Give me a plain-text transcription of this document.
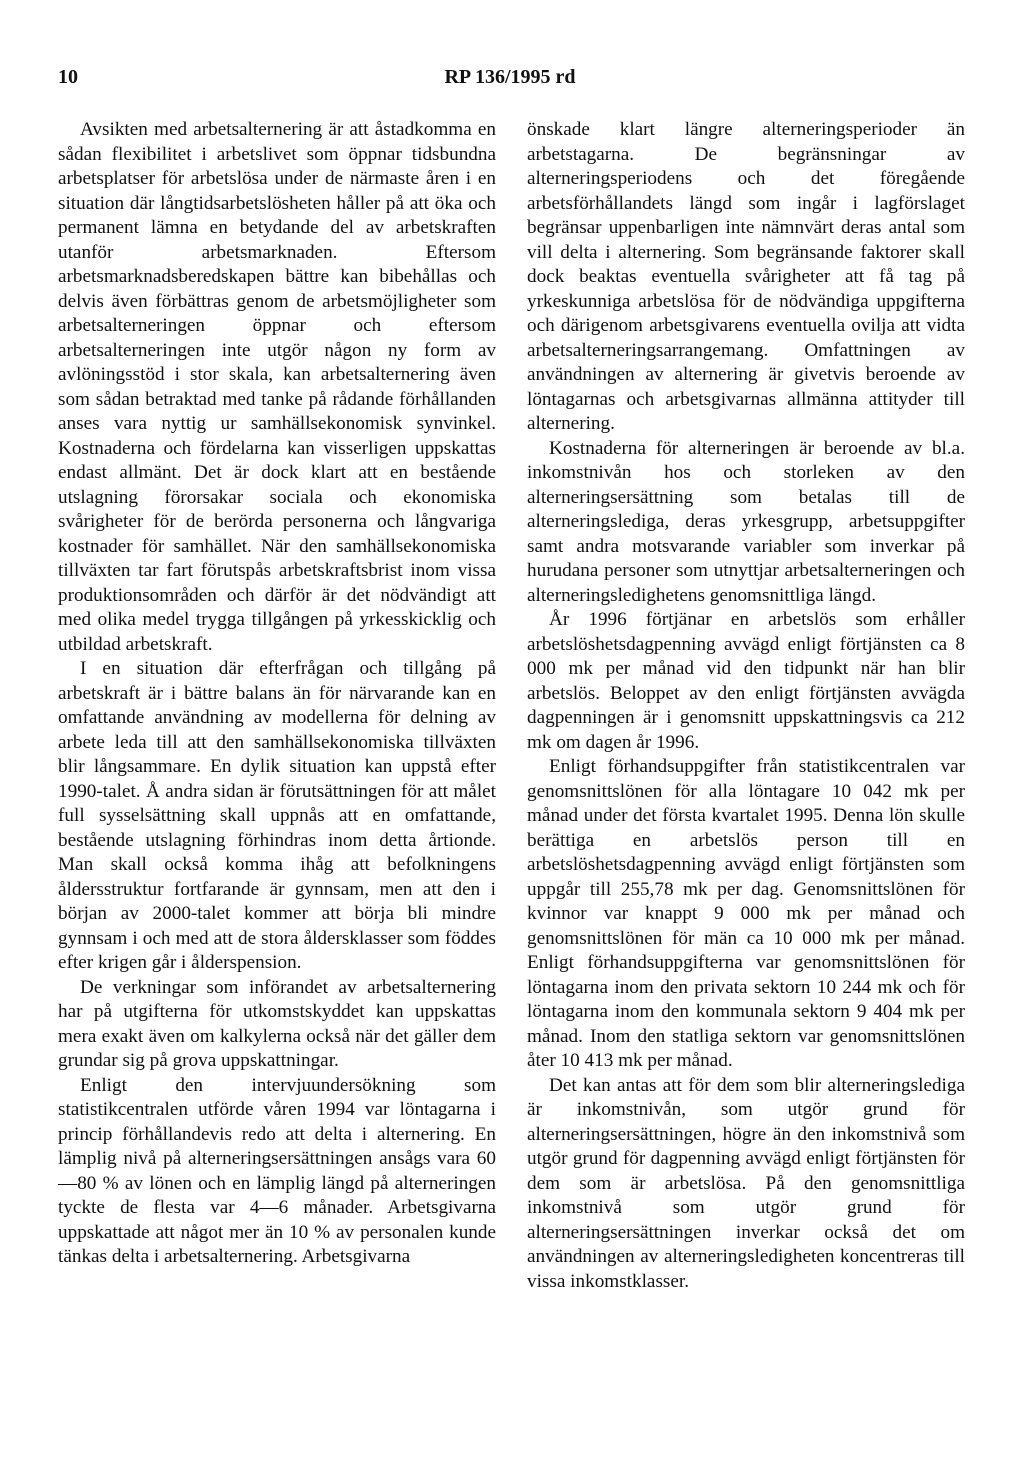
10	RP 136/1995 rd

Avsikten med arbetsalternering är att åstadkomma en sådan flexibilitet i arbetslivet som öppnar tidsbundna arbetsplatser för arbetslösa under de närmaste åren i en situation där långtidsarbetslösheten håller på att öka och permanent lämna en betydande del av arbetskraften utanför arbetsmarknaden. Eftersom arbetsmarknadsberedskapen bättre kan bibehållas och delvis även förbättras genom de arbetsmöjligheter som arbetsalterneringen öppnar och eftersom arbetsalterneringen inte utgör någon ny form av avlöningsstöd i stor skala, kan arbetsalternering även som sådan betraktad med tanke på rådande förhållanden anses vara nyttig ur samhällsekonomisk synvinkel. Kostnaderna och fördelarna kan visserligen uppskattas endast allmänt. Det är dock klart att en bestående utslagning förorsakar sociala och ekonomiska svårigheter för de berörda personerna och långvariga kostnader för samhället. När den samhällsekonomiska tillväxten tar fart förutspås arbetskraftsbrist inom vissa produktionsområden och därför är det nödvändigt att med olika medel trygga tillgången på yrkesskicklig och utbildad arbetskraft.

I en situation där efterfrågan och tillgång på arbetskraft är i bättre balans än för närvarande kan en omfattande användning av modellerna för delning av arbete leda till att den samhällsekonomiska tillväxten blir långsammare. En dylik situation kan uppstå efter 1990-talet. Å andra sidan är förutsättningen för att målet full sysselsättning skall uppnås att en omfattande, bestående utslagning förhindras inom detta årtionde. Man skall också komma ihåg att befolkningens åldersstruktur fortfarande är gynnsam, men att den i början av 2000-talet kommer att börja bli mindre gynnsam i och med att de stora åldersklasser som föddes efter krigen går i ålderspension.

De verkningar som införandet av arbetsalternering har på utgifterna för utkomstskyddet kan uppskattas mera exakt även om kalkylerna också när det gäller dem grundar sig på grova uppskattningar.

Enligt den intervjuundersökning som statistikcentralen utförde våren 1994 var löntagarna i princip förhållandevis redo att delta i alternering. En lämplig nivå på alterneringsersättningen ansågs vara 60—80 % av lönen och en lämplig längd på alterneringen tyckte de flesta var 4—6 månader. Arbetsgivarna uppskattade att något mer än 10 % av personalen kunde tänkas delta i arbetsalternering. Arbetsgivarna

önskade klart längre alterneringsperioder än arbetstagarna. De begränsningar av alterneringsperiodens och det föregående arbetsförhållandets längd som ingår i lagförslaget begränsar uppenbarligen inte nämnvärt deras antal som vill delta i alternering. Som begränsande faktorer skall dock beaktas eventuella svårigheter att få tag på yrkeskunniga arbetslösa för de nödvändiga uppgifterna och därigenom arbetsgivarens eventuella ovilja att vidta arbetsalterneringsarrangemang. Omfattningen av användningen av alternering är givetvis beroende av löntagarnas och arbetsgivarnas allmänna attityder till alternering.

Kostnaderna för alterneringen är beroende av bl.a. inkomstnivån hos och storleken av den alterneringsersättning som betalas till de alterneringslediga, deras yrkesgrupp, arbetsuppgifter samt andra motsvarande variabler som inverkar på hurudana personer som utnyttjar arbetsalterneringen och alterneringsledighetens genomsnittliga längd.

År 1996 förtjänar en arbetslös som erhåller arbetslöshetsdagpenning avvägd enligt förtjänsten ca 8 000 mk per månad vid den tidpunkt när han blir arbetslös. Beloppet av den enligt förtjänsten avvägda dagpenningen är i genomsnitt uppskattningsvis ca 212 mk om dagen år 1996.

Enligt förhandsuppgifter från statistikcentralen var genomsnittslönen för alla löntagare 10 042 mk per månad under det första kvartalet 1995. Denna lön skulle berättiga en arbetslös person till en arbetslöshetsdagpenning avvägd enligt förtjänsten som uppgår till 255,78 mk per dag. Genomsnittslönen för kvinnor var knappt 9 000 mk per månad och genomsnittslönen för män ca 10 000 mk per månad. Enligt förhandsuppgifterna var genomsnittslönen för löntagarna inom den privata sektorn 10 244 mk och för löntagarna inom den kommunala sektorn 9 404 mk per månad. Inom den statliga sektorn var genomsnittslönen åter 10 413 mk per månad.

Det kan antas att för dem som blir alterneringslediga är inkomstnivån, som utgör grund för alterneringsersättningen, högre än den inkomstnivå som utgör grund för dagpenning avvägd enligt förtjänsten för dem som är arbetslösa. På den genomsnittliga inkomstnivå som utgör grund för alterneringsersättningen inverkar också det om användningen av alterneringsledigheten koncentreras till vissa inkomstklasser.
